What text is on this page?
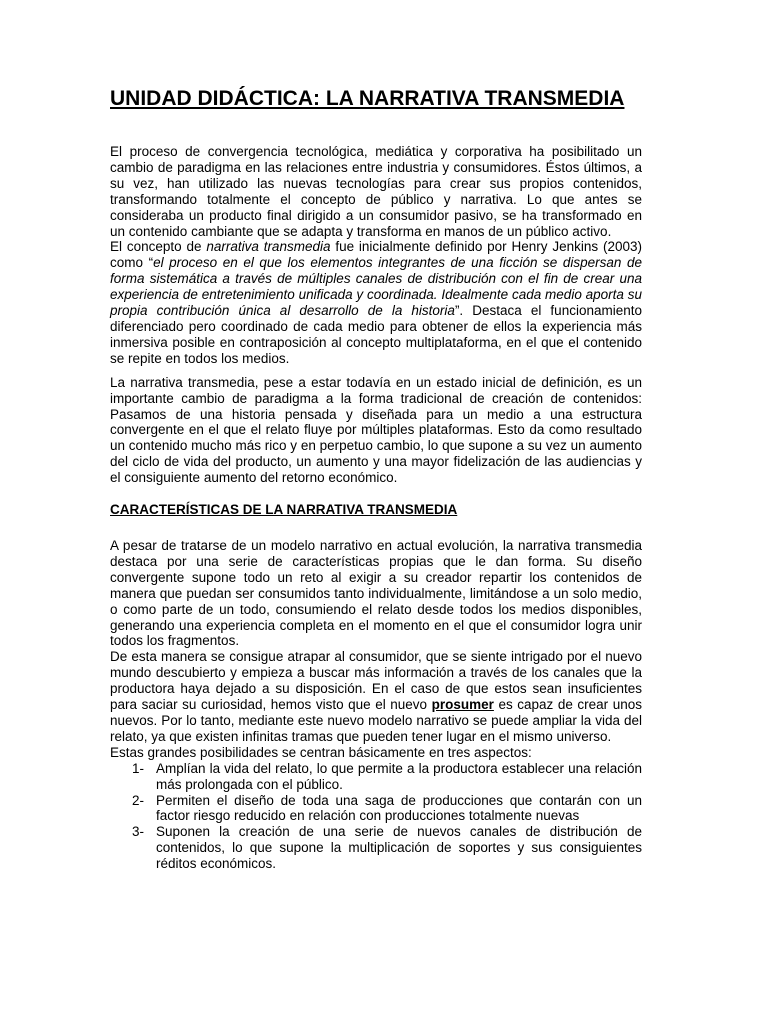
UNIDAD DIDÁCTICA: LA NARRATIVA TRANSMEDIA

El proceso de convergencia tecnológica, mediática y corporativa ha posibilitado un cambio de paradigma en las relaciones entre industria y consumidores. Éstos últimos, a su vez, han utilizado las nuevas tecnologías para crear sus propios contenidos, transformando totalmente el concepto de público y narrativa. Lo que antes se consideraba un producto final dirigido a un consumidor pasivo, se ha transformado en un contenido cambiante que se adapta y transforma en manos de un público activo.

El concepto de narrativa transmedia fue inicialmente definido por Henry Jenkins (2003) como “el proceso en el que los elementos integrantes de una ficción se dispersan de forma sistemática a través de múltiples canales de distribución con el fin de crear una experiencia de entretenimiento unificada y coordinada. Idealmente cada medio aporta su propia contribución única al desarrollo de la historia”. Destaca el funcionamiento diferenciado pero coordinado de cada medio para obtener de ellos la experiencia más inmersiva posible en contraposición al concepto multiplataforma, en el que el contenido se repite en todos los medios.

La narrativa transmedia, pese a estar todavía en un estado inicial de definición, es un importante cambio de paradigma a la forma tradicional de creación de contenidos: Pasamos de una historia pensada y diseñada para un medio a una estructura convergente en el que el relato fluye por múltiples plataformas. Esto da como resultado un contenido mucho más rico y en perpetuo cambio, lo que supone a su vez un aumento del ciclo de vida del producto, un aumento y una mayor fidelización de las audiencias y el consiguiente aumento del retorno económico.

CARACTERÍSTICAS DE LA NARRATIVA TRANSMEDIA

A pesar de tratarse de un modelo narrativo en actual evolución, la narrativa transmedia destaca por una serie de características propias que le dan forma. Su diseño convergente supone todo un reto al exigir a su creador repartir los contenidos de manera que puedan ser consumidos tanto individualmente, limitándose a un solo medio, o como parte de un todo, consumiendo el relato desde todos los medios disponibles, generando una experiencia completa en el momento en el que el consumidor logra unir todos los fragmentos.

De esta manera se consigue atrapar al consumidor, que se siente intrigado por el nuevo mundo descubierto y empieza a buscar más información a través de los canales que la productora haya dejado a su disposición. En el caso de que estos sean insuficientes para saciar su curiosidad, hemos visto que el nuevo prosumer es capaz de crear unos nuevos. Por lo tanto, mediante este nuevo modelo narrativo se puede ampliar la vida del relato, ya que existen infinitas tramas que pueden tener lugar en el mismo universo.

Estas grandes posibilidades se centran básicamente en tres aspectos:

1- Amplían la vida del relato, lo que permite a la productora establecer una relación más prolongada con el público.
2- Permiten el diseño de toda una saga de producciones que contarán con un factor riesgo reducido en relación con producciones totalmente nuevas
3- Suponen la creación de una serie de nuevos canales de distribución de contenidos, lo que supone la multiplicación de soportes y sus consiguientes réditos económicos.
